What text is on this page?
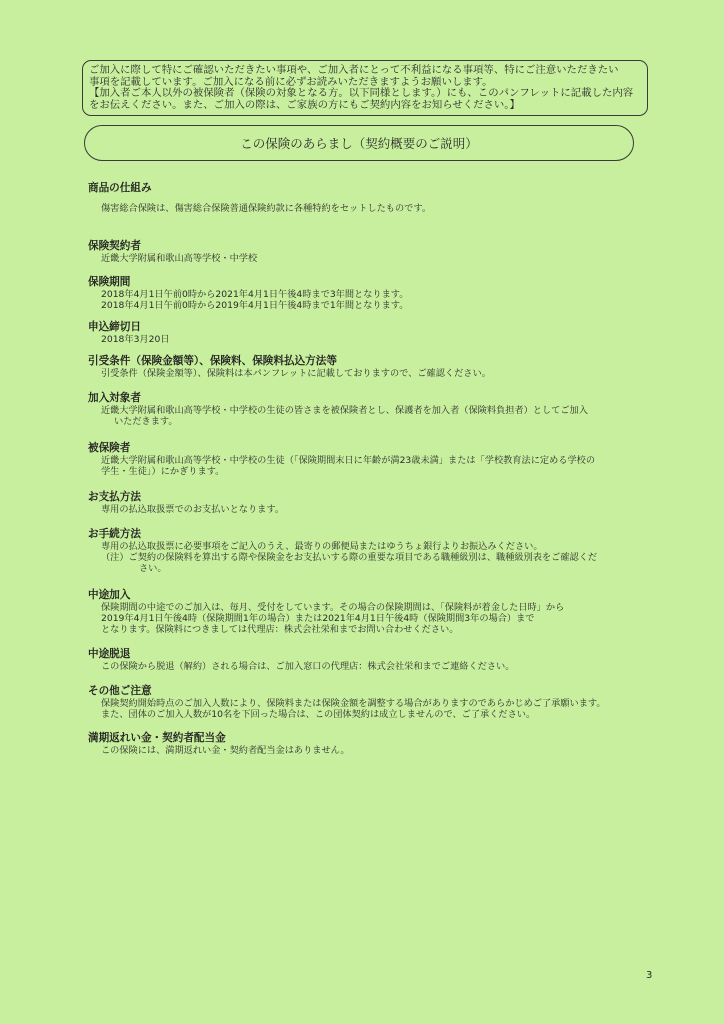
ご加入に際して特にご確認いただきたい事項や、ご加入者にとって不利益になる事項等、特にご注意いただきたい
事項を記載しています。ご加入になる前に必ずお読みいただきますようお願いします。
【加入者ご本人以外の被保険者（保険の対象となる方。以下同様とします。）にも、このパンフレットに記載した内容
をお伝えください。また、ご加入の際は、ご家族の方にもご契約内容をお知らせください。】
この保険のあらまし（契約概要のご説明）
商品の仕組み
傷害総合保険は、傷害総合保険普通保険約款に各種特約をセットしたものです。
保険契約者
近畿大学附属和歌山高等学校・中学校
保険期間
2018年4月1日午前0時から2021年4月1日午後4時まで3年間となります。
2018年4月1日午前0時から2019年4月1日午後4時まで1年間となります。
申込締切日
2018年3月20日
引受条件（保険金額等）、保険料、保険料払込方法等
引受条件（保険金額等）、保険料は本パンフレットに記載しておりますので、ご確認ください。
加入対象者
近畿大学附属和歌山高等学校・中学校の生徒の皆さまを被保険者とし、保護者を加入者（保険料負担者）としてご加入
いただきます。
被保険者
近畿大学附属和歌山高等学校・中学校の生徒（「保険期間末日に年齢が満23歳未満」または「学校教育法に定める学校の
学生・生徒」）にかぎります。
お支払方法
専用の払込取扱票でのお支払いとなります。
お手続方法
専用の払込取扱票に必要事項をご記入のうえ、最寄りの郵便局またはゆうちょ銀行よりお振込みください。
（注）ご契約の保険料を算出する際や保険金をお支払いする際の重要な項目である職種級別は、職種級別表をご確認くだ
さい。
中途加入
保険期間の中途でのご加入は、毎月、受付をしています。その場合の保険期間は、「保険料が着金した日時」から
2019年4月1日午後4時（保険期間1年の場合）または2021年4月1日午後4時（保険期間3年の場合）まで
となります。保険料につきましては代理店：株式会社栄和までお問い合わせください。
中途脱退
この保険から脱退（解約）される場合は、ご加入窓口の代理店：株式会社栄和までご連絡ください。
その他ご注意
保険契約開始時点のご加入人数により、保険料または保険金額を調整する場合がありますのであらかじめご了承願います。
また、団体のご加入人数が10名を下回った場合は、この団体契約は成立しませんので、ご了承ください。
満期返れい金・契約者配当金
この保険には、満期返れい金・契約者配当金はありません。
3
